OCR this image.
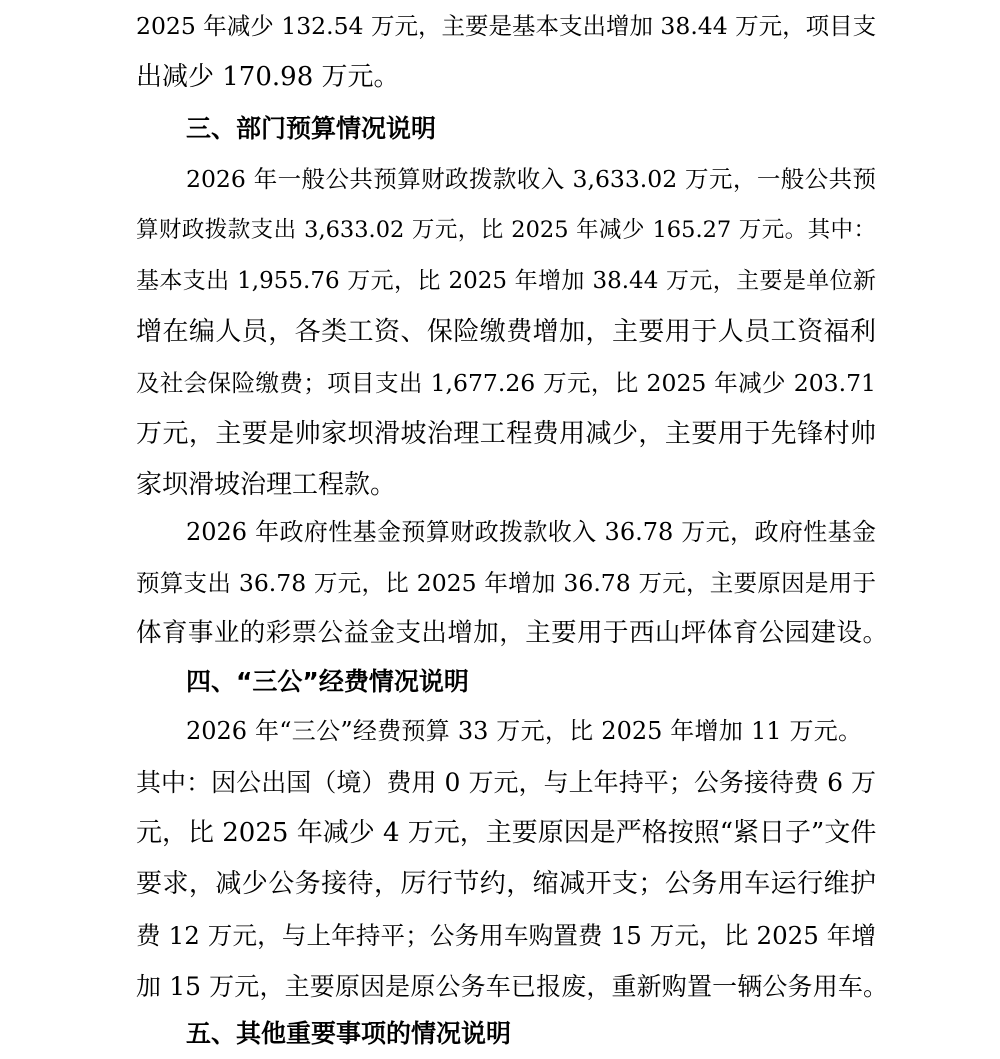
2025 年减少 132.54 万元，主要是基本支出增加 38.44 万元，项目支
出减少 170.98 万元。
三、部门预算情况说明
2026 年一般公共预算财政拨款收入 3,633.02 万元，一般公共预
算财政拨款支出 3,633.02 万元，比 2025 年减少 165.27 万元。其中：
基本支出 1,955.76 万元，比 2025 年增加 38.44 万元，主要是单位新
增在编人员，各类工资、保险缴费增加，主要用于人员工资福利
及社会保险缴费；项目支出 1,677.26 万元，比 2025 年减少 203.71
万元，主要是帅家坝滑坡治理工程费用减少，主要用于先锋村帅
家坝滑坡治理工程款。
2026 年政府性基金预算财政拨款收入 36.78 万元，政府性基金
预算支出 36.78 万元，比 2025 年增加 36.78 万元，主要原因是用于
体育事业的彩票公益金支出增加，主要用于西山坪体育公园建设。
四、“三公”经费情况说明
2026 年“三公”经费预算 33 万元，比 2025 年增加 11 万元。
其中：因公出国（境）费用 0 万元，与上年持平；公务接待费 6 万
元，比 2025 年减少 4 万元，主要原因是严格按照“紧日子”文件
要求，减少公务接待，厉行节约，缩减开支；公务用车运行维护
费 12 万元，与上年持平；公务用车购置费 15 万元，比 2025 年增
加 15 万元，主要原因是原公务车已报废，重新购置一辆公务用车。
五、其他重要事项的情况说明
